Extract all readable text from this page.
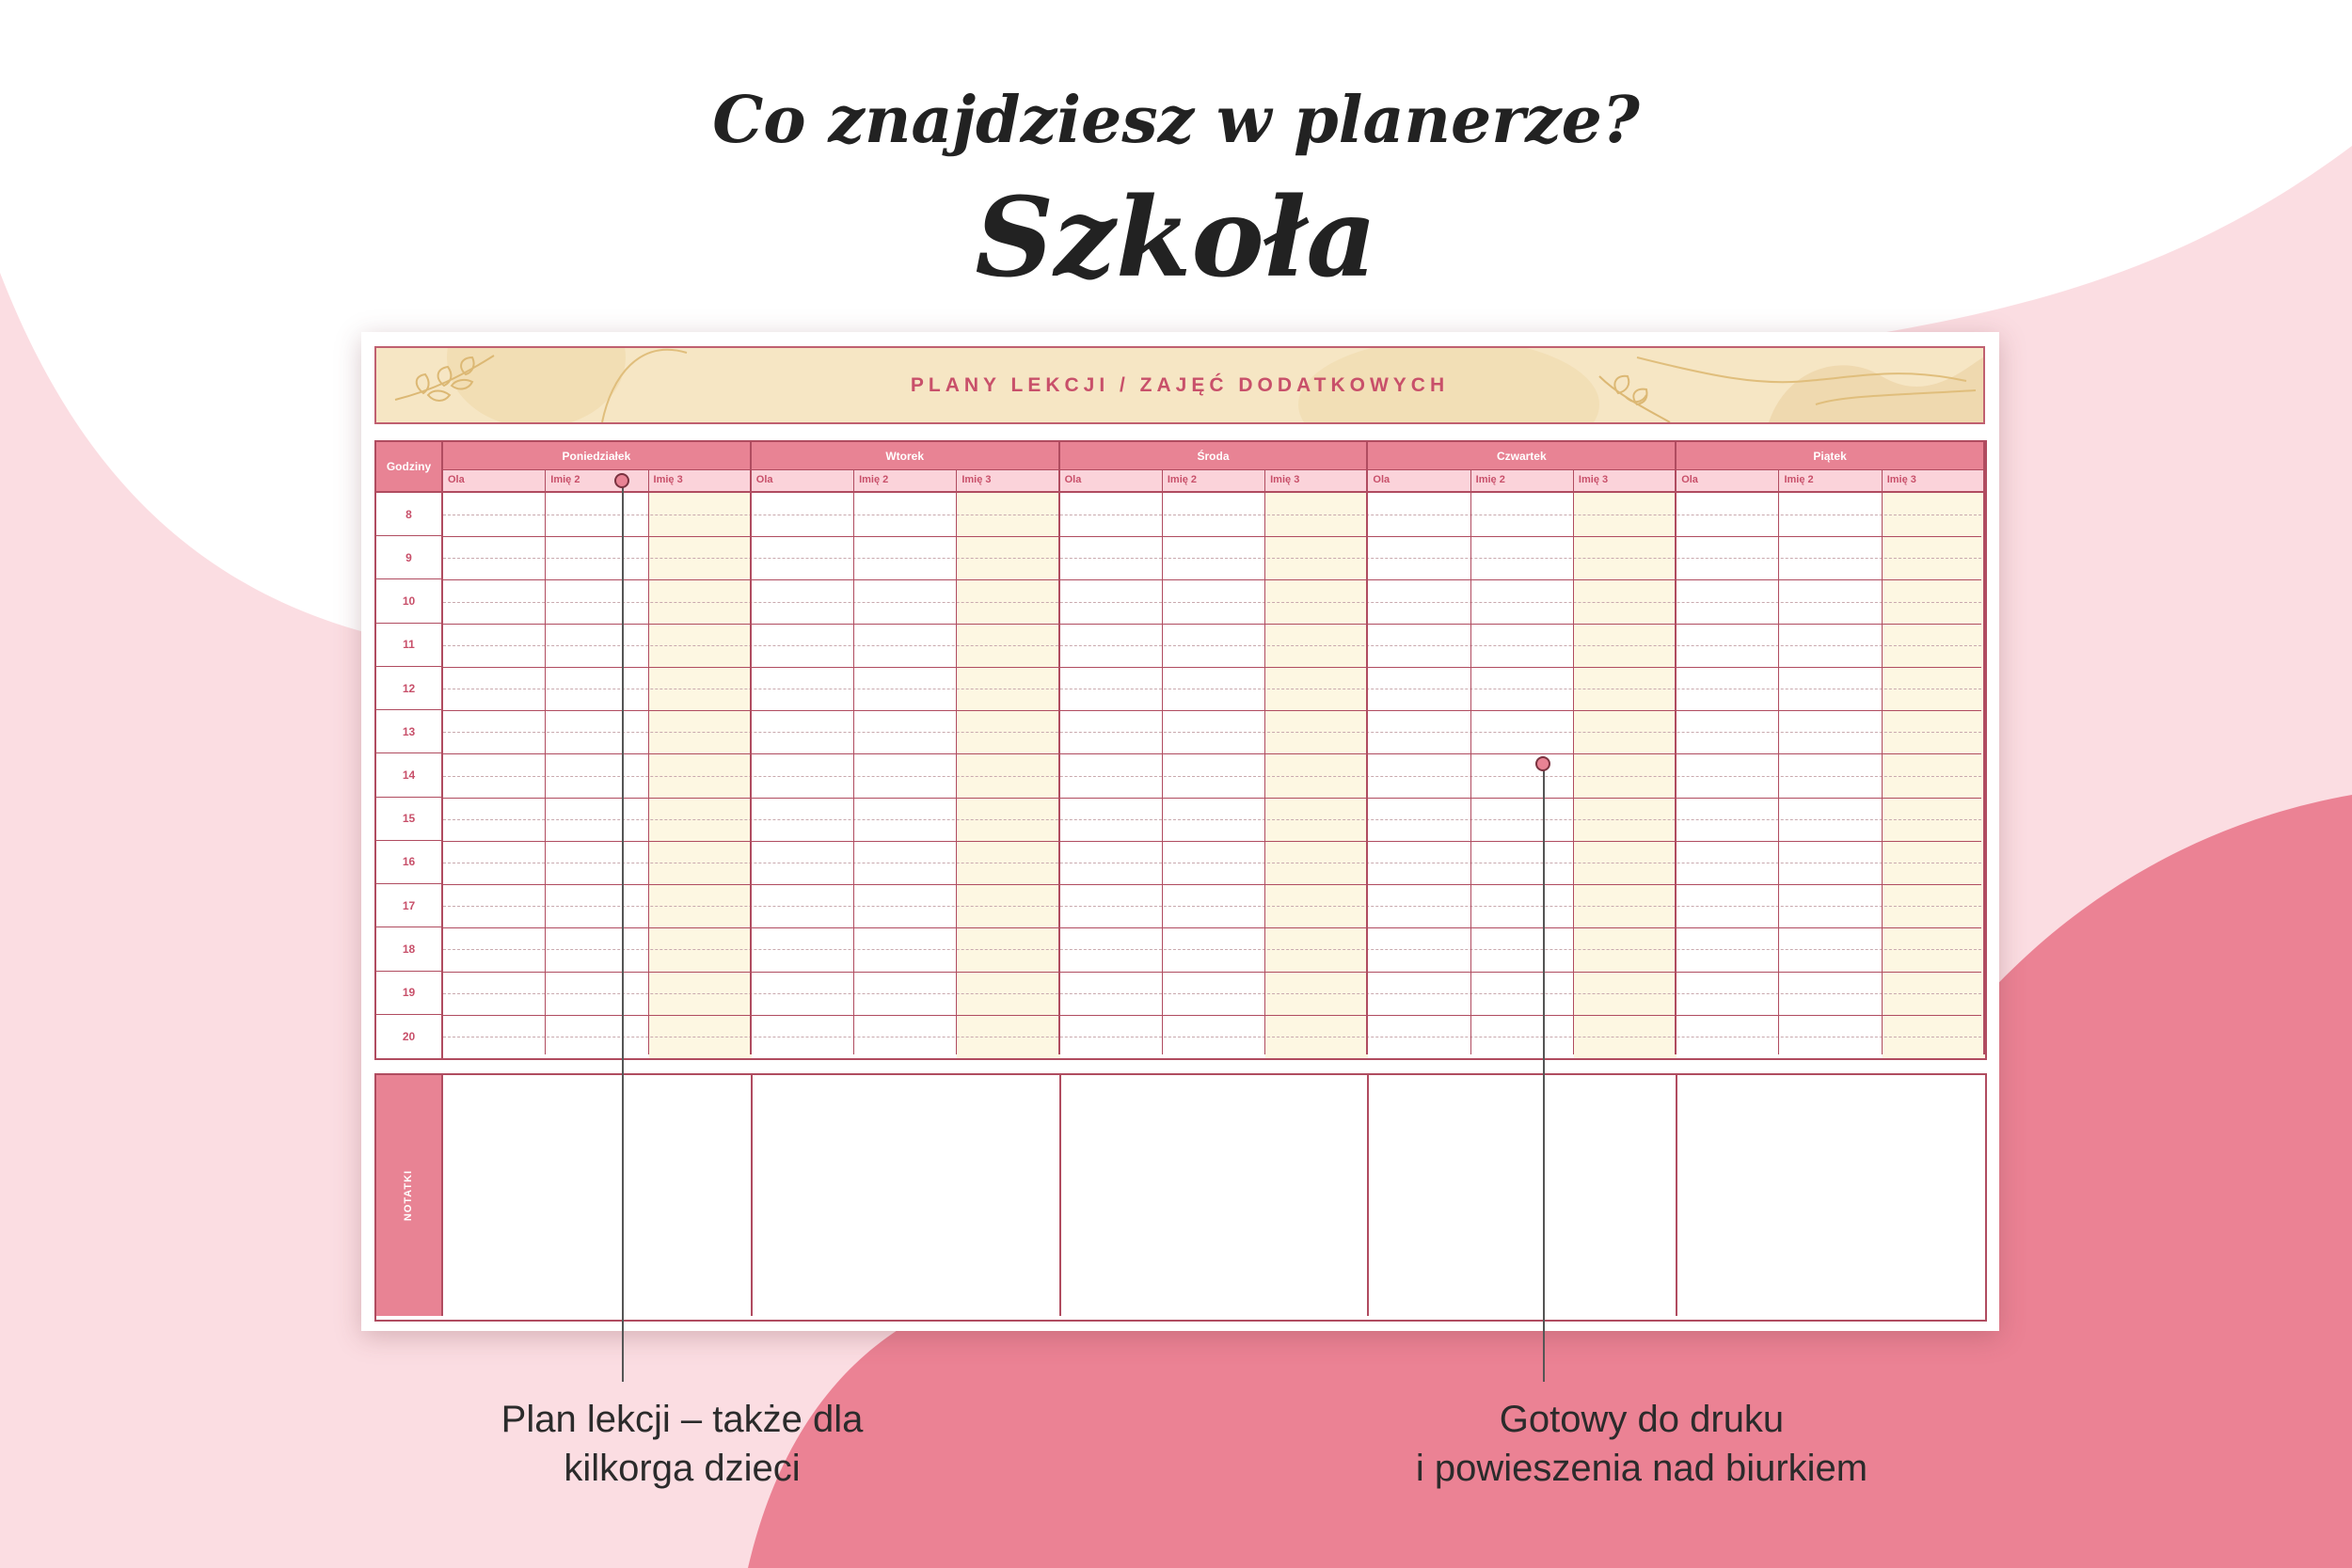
Co znajdziesz w planerze?
Szkoła
PLANY LEKCJI / ZAJĘĆ DODATKOWYCH
Godziny
Poniedziałek
Ola	Imię 2	Imię 3
Wtorek
Ola	Imię 2	Imię 3
Środa
Ola	Imię 2	Imię 3
Czwartek
Ola	Imię 2	Imię 3
Piątek
Ola	Imię 2	Imię 3
8
9
10
11
12
13
14
15
16
17
18
19
20
NOTATKI
Plan lekcji – także dla
kilkorga dzieci
Gotowy do druku
i powieszenia nad biurkiem
